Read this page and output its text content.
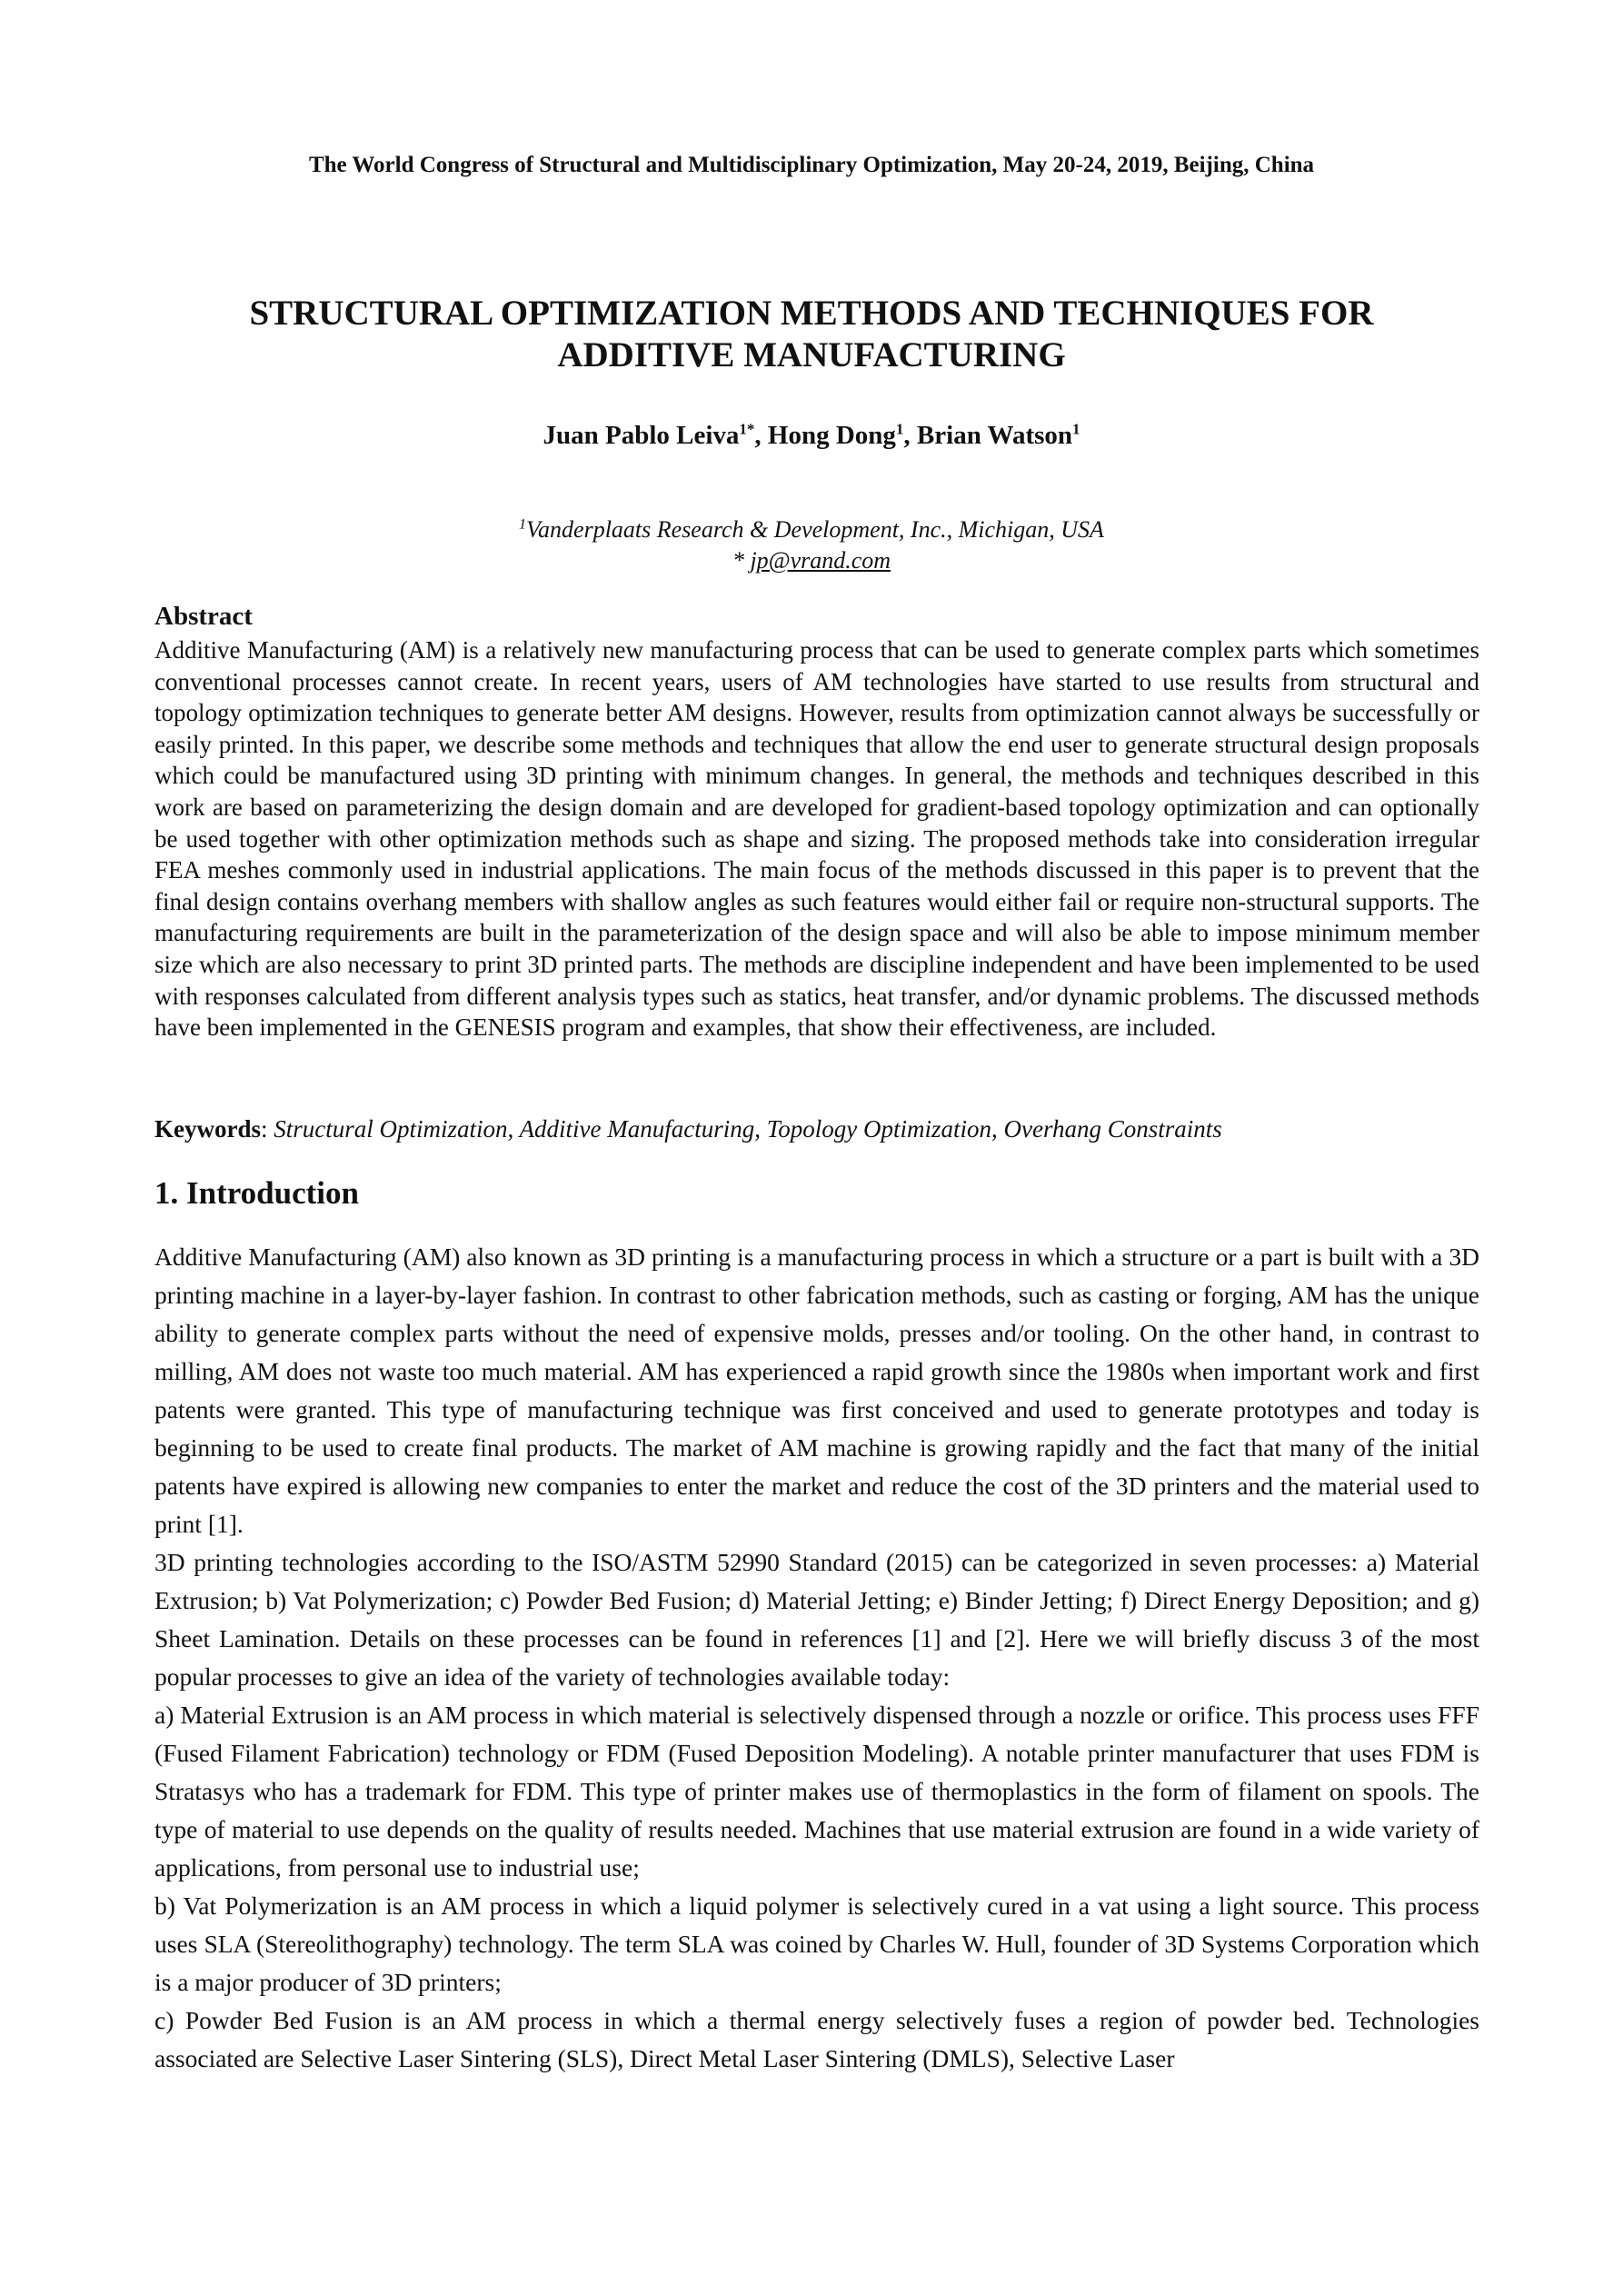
The World Congress of Structural and Multidisciplinary Optimization, May 20-24, 2019, Beijing, China
STRUCTURAL OPTIMIZATION METHODS AND TECHNIQUES FOR
ADDITIVE MANUFACTURING
Juan Pablo Leiva$^{1*}$, Hong Dong$^1$, Brian Watson$^1$
$^1$Vanderplaats Research & Development, Inc., Michigan, USA
* jp@vrand.com
Abstract
Additive Manufacturing (AM) is a relatively new manufacturing process that can be used to generate complex parts which sometimes conventional processes cannot create. In recent years, users of AM technologies have started to use results from structural and topology optimization techniques to generate better AM designs. However, results from optimization cannot always be successfully or easily printed. In this paper, we describe some methods and techniques that allow the end user to generate structural design proposals which could be manufactured using 3D printing with minimum changes. In general, the methods and techniques described in this work are based on parameterizing the design domain and are developed for gradient-based topology optimization and can optionally be used together with other optimization methods such as shape and sizing. The proposed methods take into consideration irregular FEA meshes commonly used in industrial applications. The main focus of the methods discussed in this paper is to prevent that the final design contains overhang members with shallow angles as such features would either fail or require non-structural supports. The manufacturing requirements are built in the parameterization of the design space and will also be able to impose minimum member size which are also necessary to print 3D printed parts. The methods are discipline independent and have been implemented to be used with responses calculated from different analysis types such as statics, heat transfer, and/or dynamic problems. The discussed methods have been implemented in the GENESIS program and examples, that show their effectiveness, are included.
Keywords: Structural Optimization, Additive Manufacturing, Topology Optimization, Overhang Constraints
1. Introduction

Additive Manufacturing (AM) also known as 3D printing is a manufacturing process in which a structure or a part is built with a 3D printing machine in a layer-by-layer fashion. In contrast to other fabrication methods, such as casting or forging, AM has the unique ability to generate complex parts without the need of expensive molds, presses and/or tooling. On the other hand, in contrast to milling, AM does not waste too much material. AM has experienced a rapid growth since the 1980s when important work and first patents were granted. This type of manufacturing technique was first conceived and used to generate prototypes and today is beginning to be used to create final products. The market of AM machine is growing rapidly and the fact that many of the initial patents have expired is allowing new companies to enter the market and reduce the cost of the 3D printers and the material used to print [1].

3D printing technologies according to the ISO/ASTM 52990 Standard (2015) can be categorized in seven processes: a) Material Extrusion; b) Vat Polymerization; c) Powder Bed Fusion; d) Material Jetting; e) Binder Jetting; f) Direct Energy Deposition; and g) Sheet Lamination. Details on these processes can be found in references [1] and [2]. Here we will briefly discuss 3 of the most popular processes to give an idea of the variety of technologies available today:

a) Material Extrusion is an AM process in which material is selectively dispensed through a nozzle or orifice. This process uses FFF (Fused Filament Fabrication) technology or FDM (Fused Deposition Modeling). A notable printer manufacturer that uses FDM is Stratasys who has a trademark for FDM. This type of printer makes use of thermoplastics in the form of filament on spools. The type of material to use depends on the quality of results needed. Machines that use material extrusion are found in a wide variety of applications, from personal use to industrial use;

b) Vat Polymerization is an AM process in which a liquid polymer is selectively cured in a vat using a light source. This process uses SLA (Stereolithography) technology. The term SLA was coined by Charles W. Hull, founder of 3D Systems Corporation which is a major producer of 3D printers;

c) Powder Bed Fusion is an AM process in which a thermal energy selectively fuses a region of powder bed. Technologies associated are Selective Laser Sintering (SLS), Direct Metal Laser Sintering (DMLS), Selective Laser
